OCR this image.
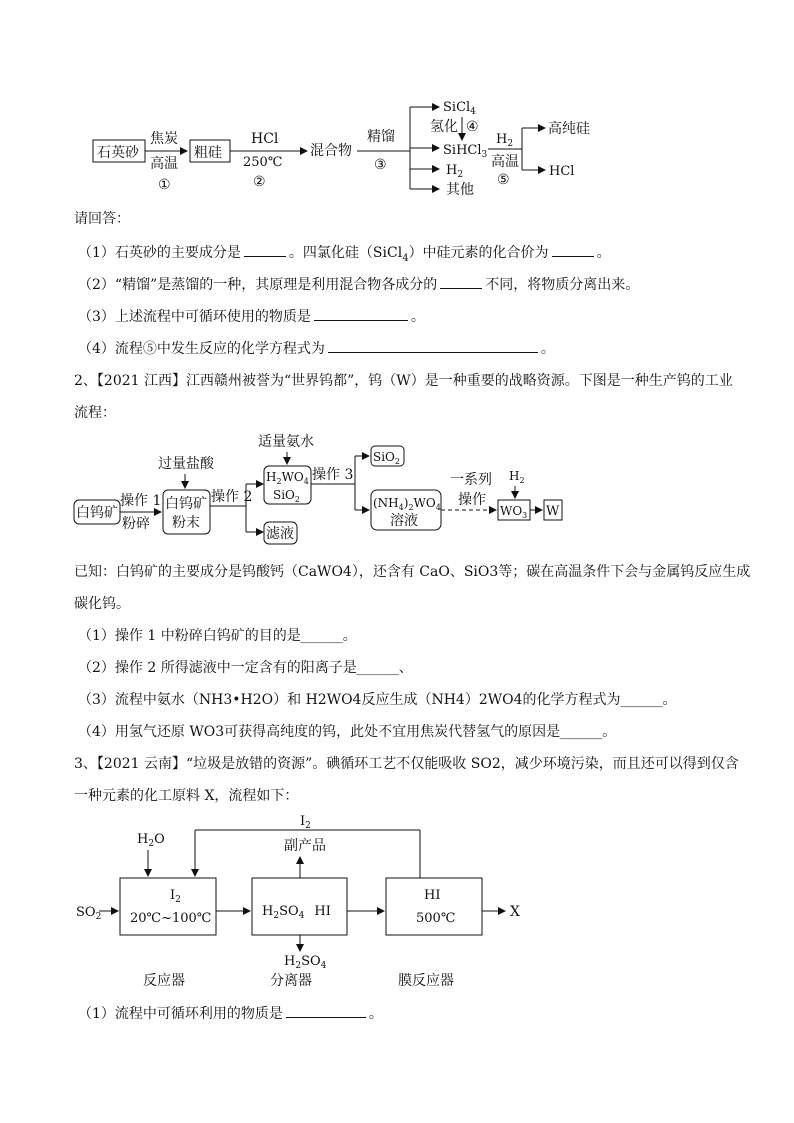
石英砂
焦炭
高温
①
粗硅
HCl
250℃
②
混合物
精馏
③
SiCl$_4$
氢化 ④
SiHCl$_3$
$H_2$
其他
$H_2$
高温
⑤
高纯硅
HCl
请回答：
（1）石英砂的主要成分是	。四氯化硅（SiCl$_4$）中硅元素的化合价为	。
（2）“精馏”是蒸馏的一种，其原理是利用混合物各成分的	不同，将物质分离出来。
（3）上述流程中可循环使用的物质是	。
（4）流程⑤中发生反应的化学方程式为	。
2、【2021 江西】江西赣州被誉为“世界钨都”，钨（W）是一种重要的战略资源。下图是一种生产钨的工业
流程：
白钨矿
操作 1
粉碎
过量盐酸
白钨矿
粉末
操作 2
适量氨水
$H_2WO_4$
SiO$_2$
滤液
操作 3
SiO$_2$
$(NH_4)_2WO_4$
溶液
一系列
操作
$H_2$
$WO_3$ W
已知：白钨矿的主要成分是钨酸钙（CaWO4），还含有 CaO、SiO3等；碳在高温条件下会与金属钨反应生成
碳化钨。
（1）操作 1 中粉碎白钨矿的目的是______。
（2）操作 2 所得滤液中一定含有的阳离子是______、
（3）流程中氨水（NH3•H2O）和 H2WO4反应生成（NH4）2WO4的化学方程式为______。
（4）用氢气还原 WO3可获得高纯度的钨，此处不宜用焦炭代替氢气的原因是______。
3、【2021 云南】“垃圾是放错的资源”。碘循环工艺不仅能吸收 SO2，减少环境污染，而且还可以得到仅含
一种元素的化工原料 X，流程如下：
$I_2$
副产品
$H_2O$
$SO_2$
$I_2$
20℃~100℃
反应器
$H_2SO_4$ HI
$H_2SO_4$
分离器
HI
500℃
膜反应器
X
（1）流程中可循环利用的物质是	。
